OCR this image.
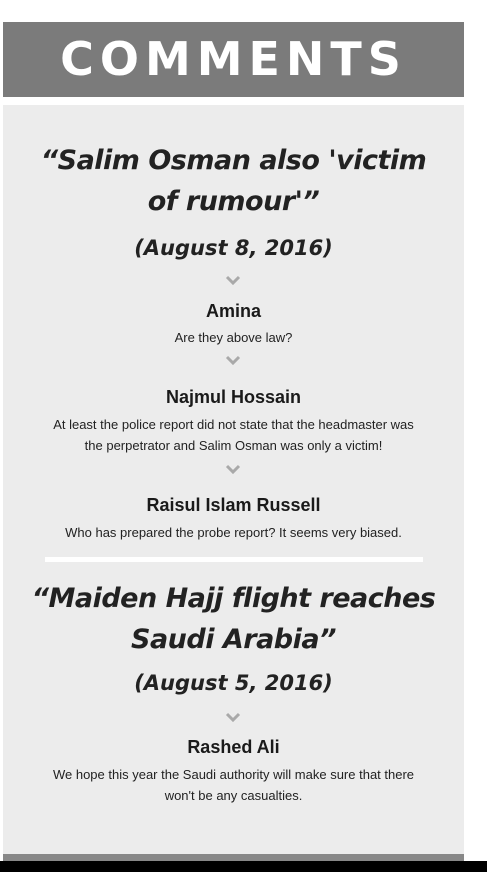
COMMENTS
“Salim Osman also 'victim of rumour'”
(August 8, 2016)
Amina
Are they above law?
Najmul Hossain
At least the police report did not state that the headmaster was the perpetrator and Salim Osman was only a victim!
Raisul Islam Russell
Who has prepared the probe report? It seems very biased.
“Maiden Hajj flight reaches Saudi Arabia”
(August 5, 2016)
Rashed Ali
We hope this year the Saudi authority will make sure that there won't be any casualties.
